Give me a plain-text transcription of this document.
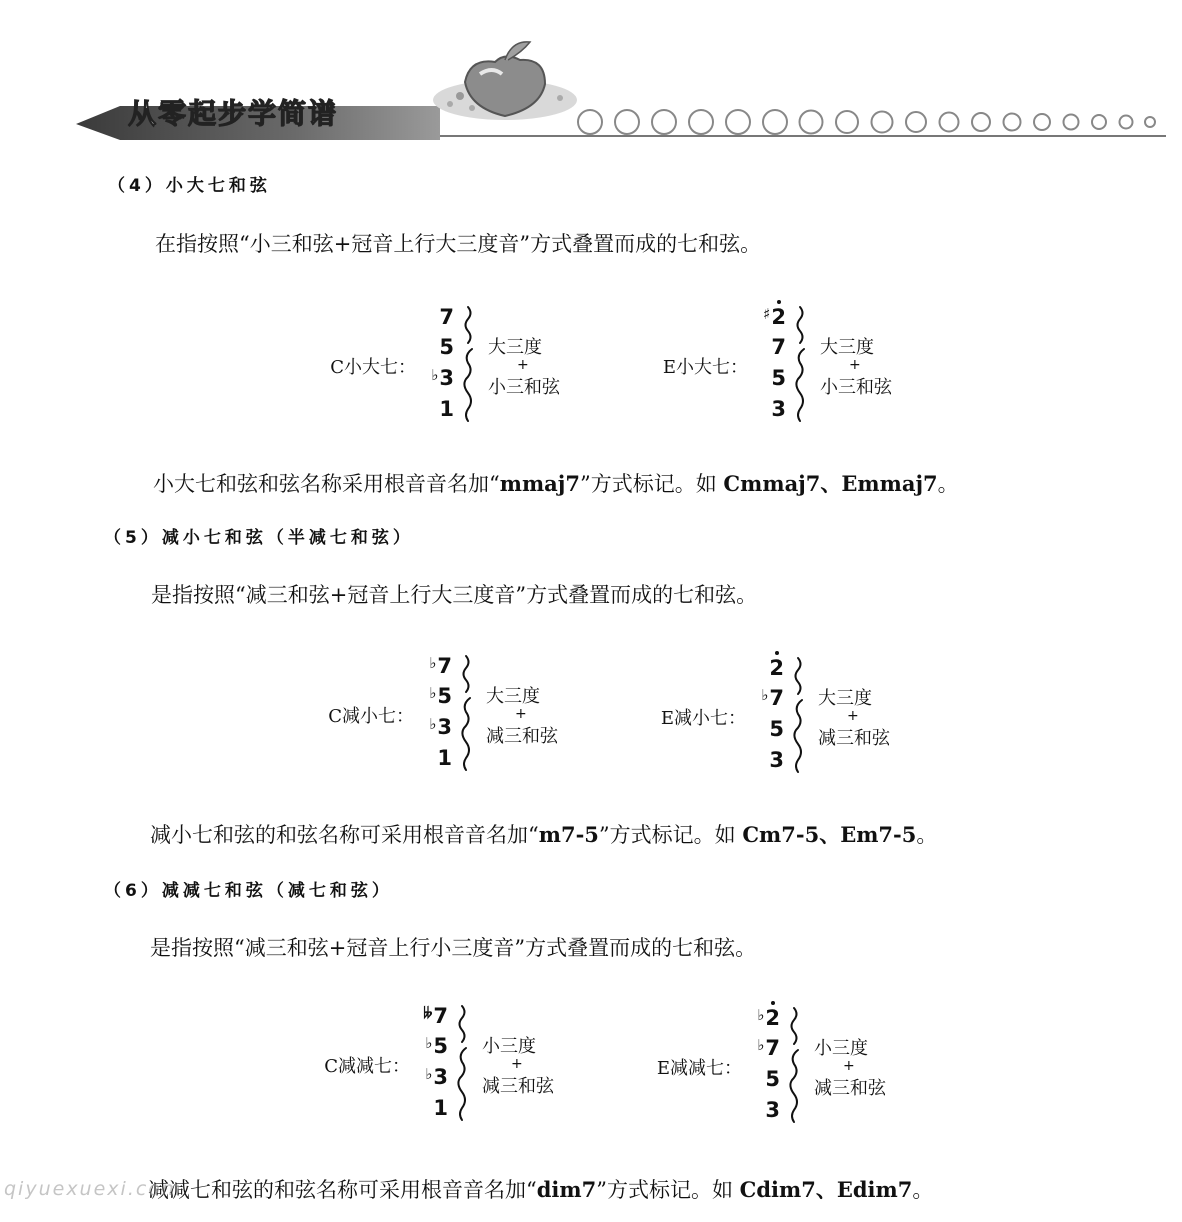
从零起步学简谱
（4）小大七和弦
在指按照“小三和弦+冠音上行大三度音”方式叠置而成的七和弦。
C小大七：
7
5
♭3
1
大三度
+
小三和弦
E小大七：
♯2
7
5
3
大三度
+
小三和弦
小大七和弦和弦名称采用根音音名加“mmaj7”方式标记。如 Cmmaj7、Emmaj7。
（5）减小七和弦（半减七和弦）
是指按照“减三和弦+冠音上行大三度音”方式叠置而成的七和弦。
C减小七：
♭7
♭5
♭3
1
大三度
+
减三和弦
E减小七：
2
♭7
5
3
大三度
+
减三和弦
减小七和弦的和弦名称可采用根音音名加“m7-5”方式标记。如 Cm7-5、Em7-5。
（6）减减七和弦（减七和弦）
是指按照“减三和弦+冠音上行小三度音”方式叠置而成的七和弦。
C减减七：
𝄫7
♭5
♭3
1
小三度
+
减三和弦
E减减七：
♭2
♭7
5
3
小三度
+
减三和弦
减减七和弦的和弦名称可采用根音音名加“dim7”方式标记。如 Cdim7、Edim7。
qiyuexuexi.com
